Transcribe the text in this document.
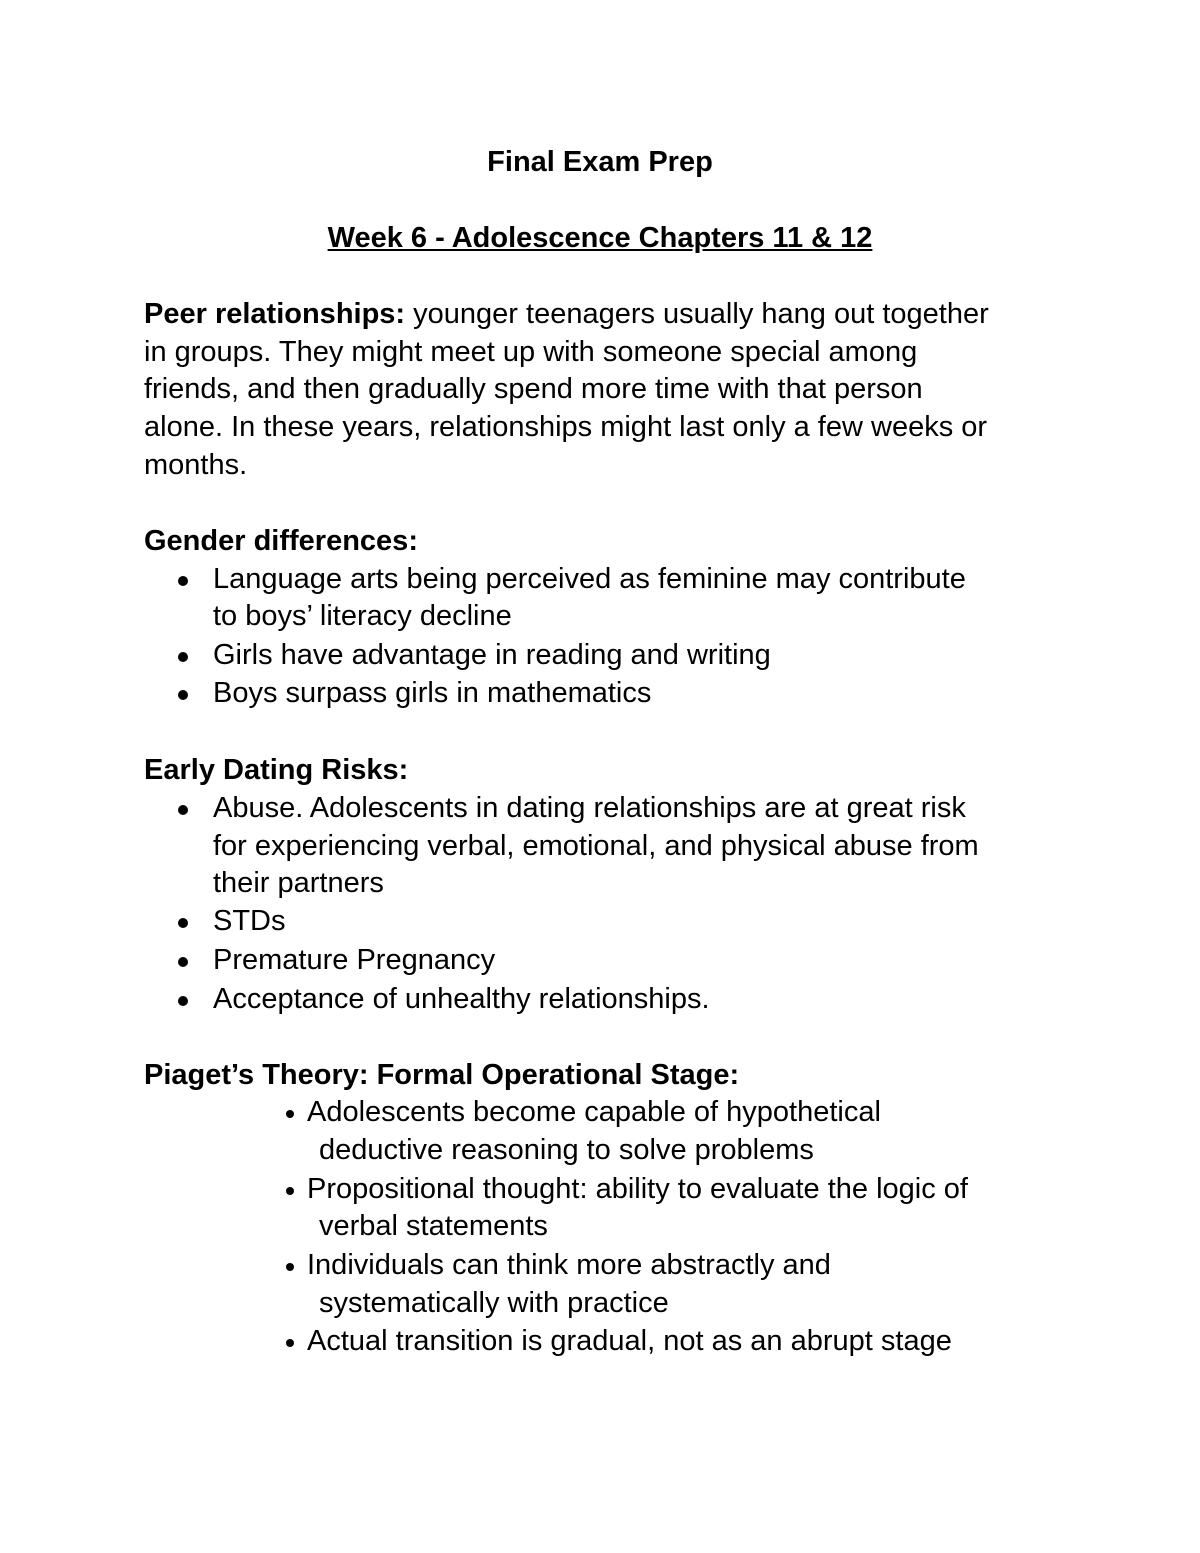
Final Exam Prep
Week 6 - Adolescence Chapters 11 & 12
Peer relationships: younger teenagers usually hang out together
in groups. They might meet up with someone special among
friends, and then gradually spend more time with that person
alone. In these years, relationships might last only a few weeks or
months.
Gender differences:
Language arts being perceived as feminine may contribute
to boys’ literacy decline
Girls have advantage in reading and writing
Boys surpass girls in mathematics
Early Dating Risks:
Abuse. Adolescents in dating relationships are at great risk
for experiencing verbal, emotional, and physical abuse from
their partners
STDs
Premature Pregnancy
Acceptance of unhealthy relationships.
Piaget’s Theory: Formal Operational Stage:
Adolescents become capable of hypothetical
deductive reasoning to solve problems
Propositional thought: ability to evaluate the logic of
verbal statements
Individuals can think more abstractly and
systematically with practice
Actual transition is gradual, not as an abrupt stage
